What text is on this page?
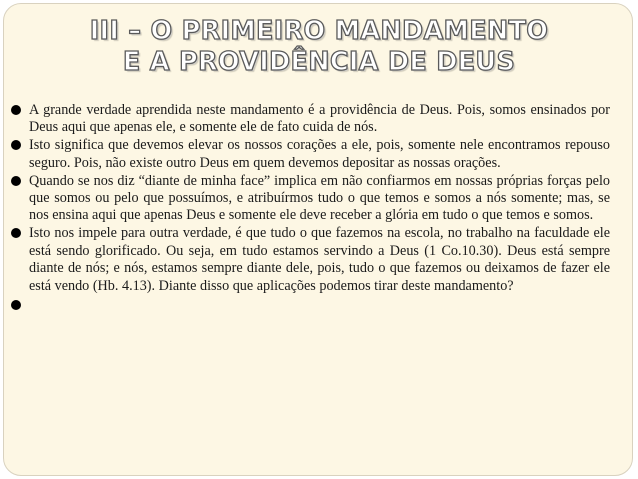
III – O PRIMEIRO MANDAMENTO
E A PROVIDÊNCIA DE DEUS
A grande verdade aprendida neste mandamento é a providência de Deus. Pois, somos ensinados por Deus aqui que apenas ele, e somente ele de fato cuida de nós.
Isto significa que devemos elevar os nossos corações a ele, pois, somente nele encontramos repouso seguro. Pois, não existe outro Deus em quem devemos depositar as nossas orações.
Quando se nos diz “diante de minha face” implica em não confiarmos em nossas próprias forças pelo que somos ou pelo que possuímos, e atribuírmos tudo o que temos e somos a nós somente; mas, se nos ensina aqui que apenas Deus e somente ele deve receber a glória em tudo o que temos e somos.
Isto nos impele para outra verdade, é que tudo o que fazemos na escola, no trabalho na faculdade ele está sendo glorificado. Ou seja, em tudo estamos servindo a Deus (1 Co.10.30). Deus está sempre diante de nós; e nós, estamos sempre diante dele, pois, tudo o que fazemos ou deixamos de fazer ele está vendo (Hb. 4.13). Diante disso que aplicações podemos tirar deste mandamento?
